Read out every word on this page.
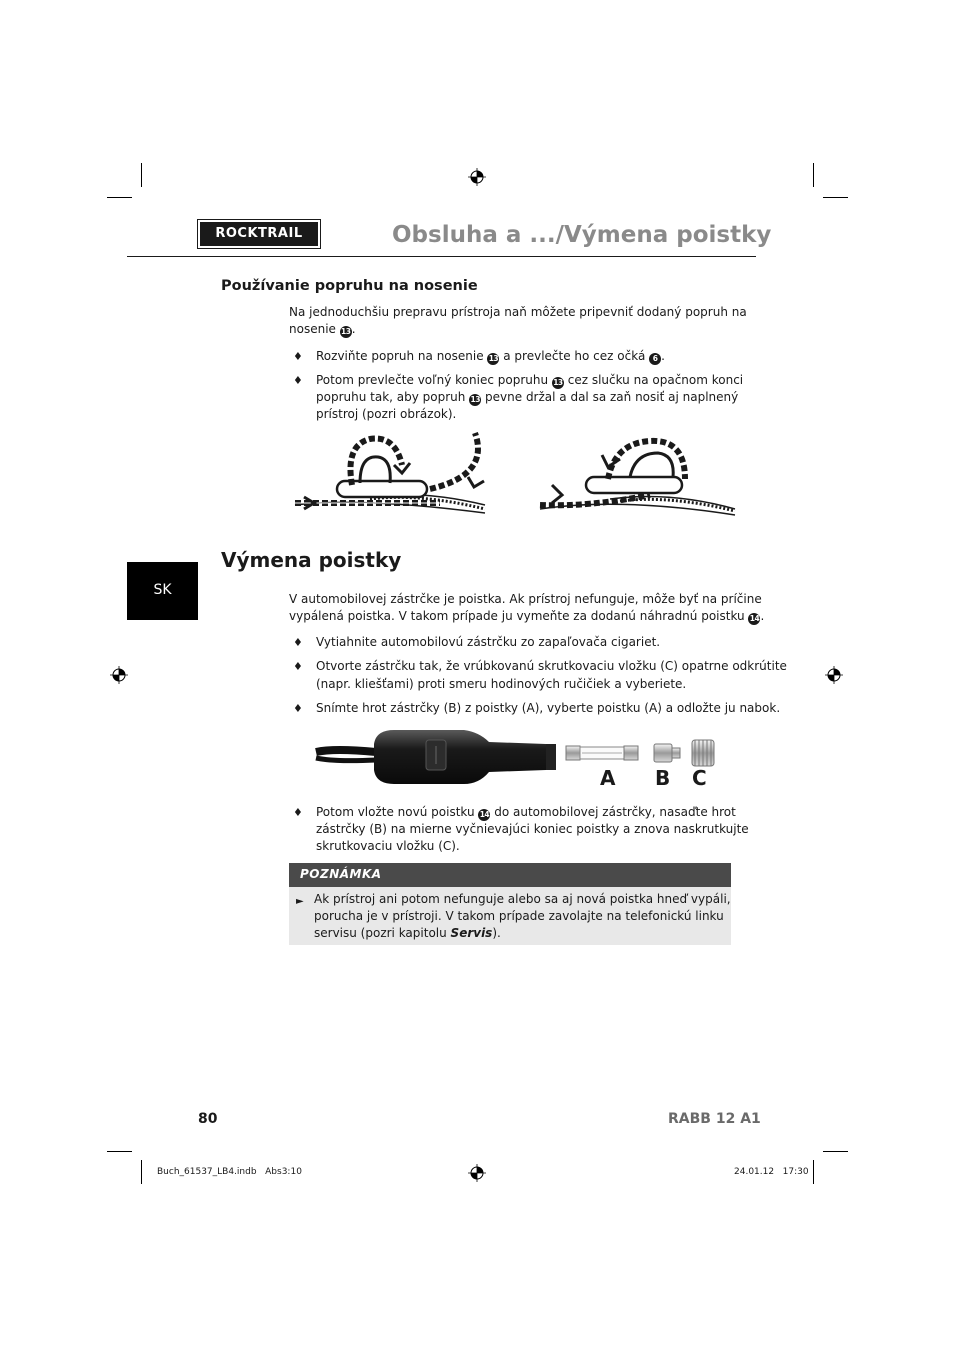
ROCKTRAIL	Obsluha a .../Výmena poistky
Používanie popruhu na nosenie
Na jednoduchšiu prepravu prístroja naň môžete pripevniť dodaný popruh na
nosenie 13.
♦ Rozviňte popruh na nosenie 13 a prevlečte ho cez očká 6 .
♦ Potom prevlečte voľný koniec popruhu 13 cez slučku na opačnom konci
popruhu tak, aby popruh 13 pevne držal a dal sa zaň nosiť aj naplnený
prístroj (pozri obrázok).
SK
Výmena poistky
V automobilovej zástrčke je poistka. Ak prístroj nefunguje, môže byť na príčine
vypálená poistka. V takom prípade ju vymeňte za dodanú náhradnú poistku 14.
♦ Vytiahnite automobilovú zástrčku zo zapaľovača cigariet.
♦ Otvorte zástrčku tak, že vrúbkovanú skrutkovaciu vložku (C) opatrne odkrútite
(napr. kliešťami) proti smeru hodinových ručičiek a vyberiete.
♦ Snímte hrot zástrčky (B) z poistky (A), vyberte poistku (A) a odložte ju nabok.
A B C
♦ Potom vložte novú poistku 14 do automobilovej zástrčky, nasaďte hrot
zástrčky (B) na mierne vyčnievajúci koniec poistky a znova naskrutkujte
skrutkovaciu vložku (C).
POZNÁMKA
► Ak prístroj ani potom nefunguje alebo sa aj nová poistka hneď vypáli,
porucha je v prístroji. V takom prípade zavolajte na telefonickú linku
servisu (pozri kapitolu Servis).
80	RABB 12 A1
Buch_61537_LB4.indb   Abs3:10	24.01.12   17:30
